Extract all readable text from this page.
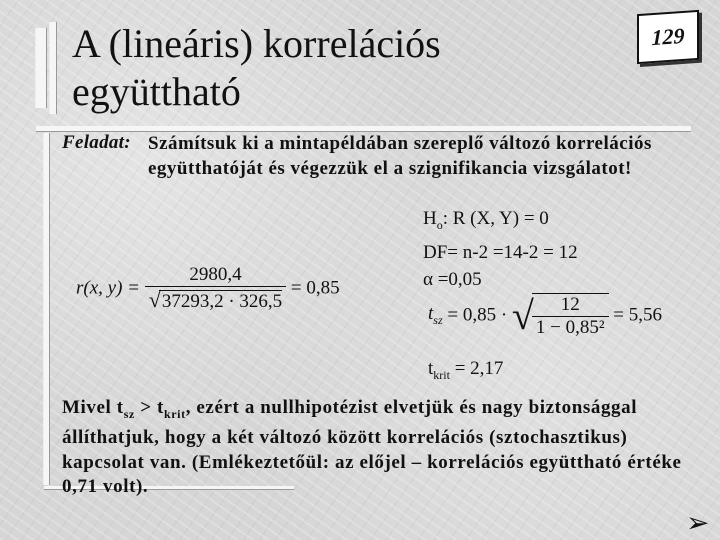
A (lineáris) korrelációs
együttható
129
Feladat: Számítsuk ki a mintapéldában szereplő változó korrelációs együtthatóját és végezzük el a szignifikancia vizsgálatot!
$H_o$: R (X, Y) = 0
DF= n-2 =14-2 = 12
α =0,05
r(x, $y) = \frac{2980,4}{√37293,2 \cdot 326,5} = 0,85$
$t_{sz} = 0,85$ · √
$\frac{12}{\text{1 − 0,85²}} = 5,56$
$t_{krit} = 2,17$
Mivel $t_{sz} > t_{krit}$, ezért a nullhipotézist elvetjük és nagy biztonsággal állíthatjuk, hogy a két változó között korrelációs (sztochasztikus) kapcsolat van. (Emlékeztetőül: az előjel – korrelációs együttható értéke 0,71 volt).
➢
